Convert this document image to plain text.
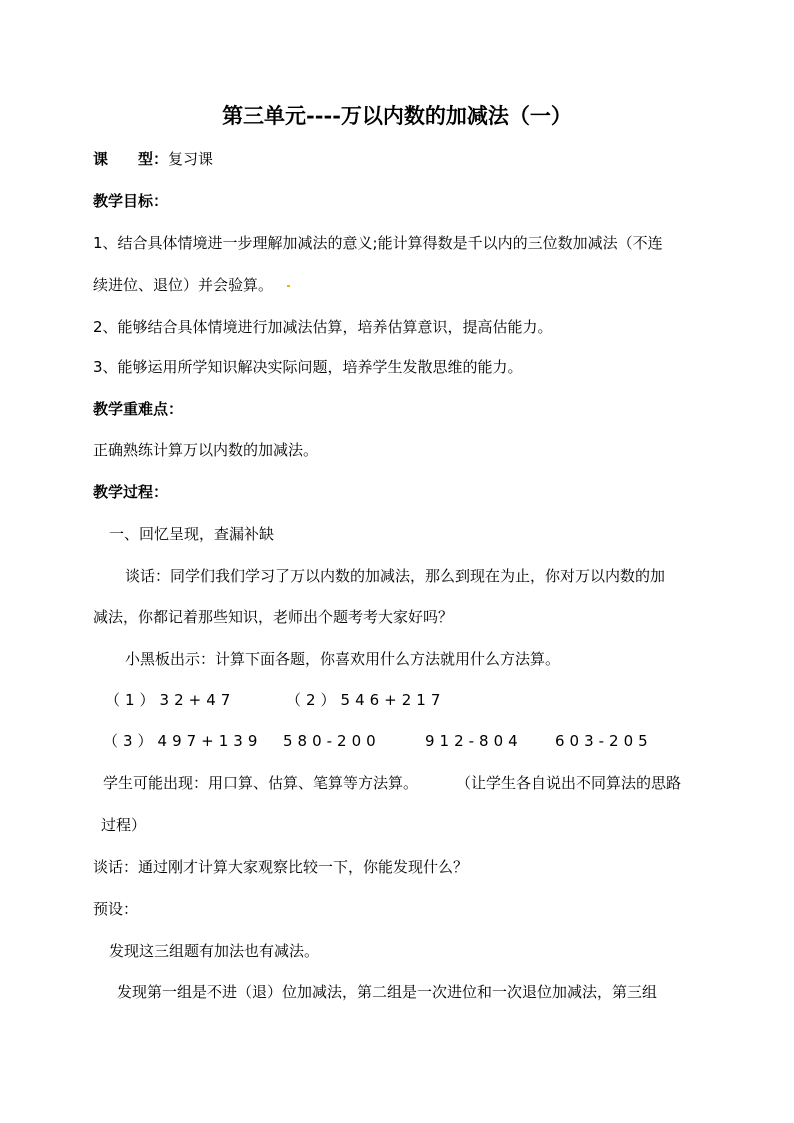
第三单元----万以内数的加减法（一）
课　　型：复习课
教学目标：
1、结合具体情境进一步理解加减法的意义;能计算得数是千以内的三位数加减法（不连
续进位、退位）并会验算。
2、能够结合具体情境进行加减法估算，培养估算意识，提高估能力。
3、能够运用所学知识解决实际问题，培养学生发散思维的能力。
教学重难点：
正确熟练计算万以内数的加减法。
教学过程：
一、回忆呈现，查漏补缺
谈话：同学们我们学习了万以内数的加减法，那么到现在为止，你对万以内数的加
减法，你都记着那些知识，老师出个题考考大家好吗？
小黑板出示：计算下面各题，你喜欢用什么方法就用什么方法算。
（1）32+47	（2）546+217
（3）497+139 580-200	912-804 603-205
学生可能出现：用口算、估算、笔算等方法算。	（让学生各自说出不同算法的思路
过程）
谈话：通过刚才计算大家观察比较一下，你能发现什么？
预设：
发现这三组题有加法也有减法。
发现第一组是不进（退）位加减法，第二组是一次进位和一次退位加减法，第三组
